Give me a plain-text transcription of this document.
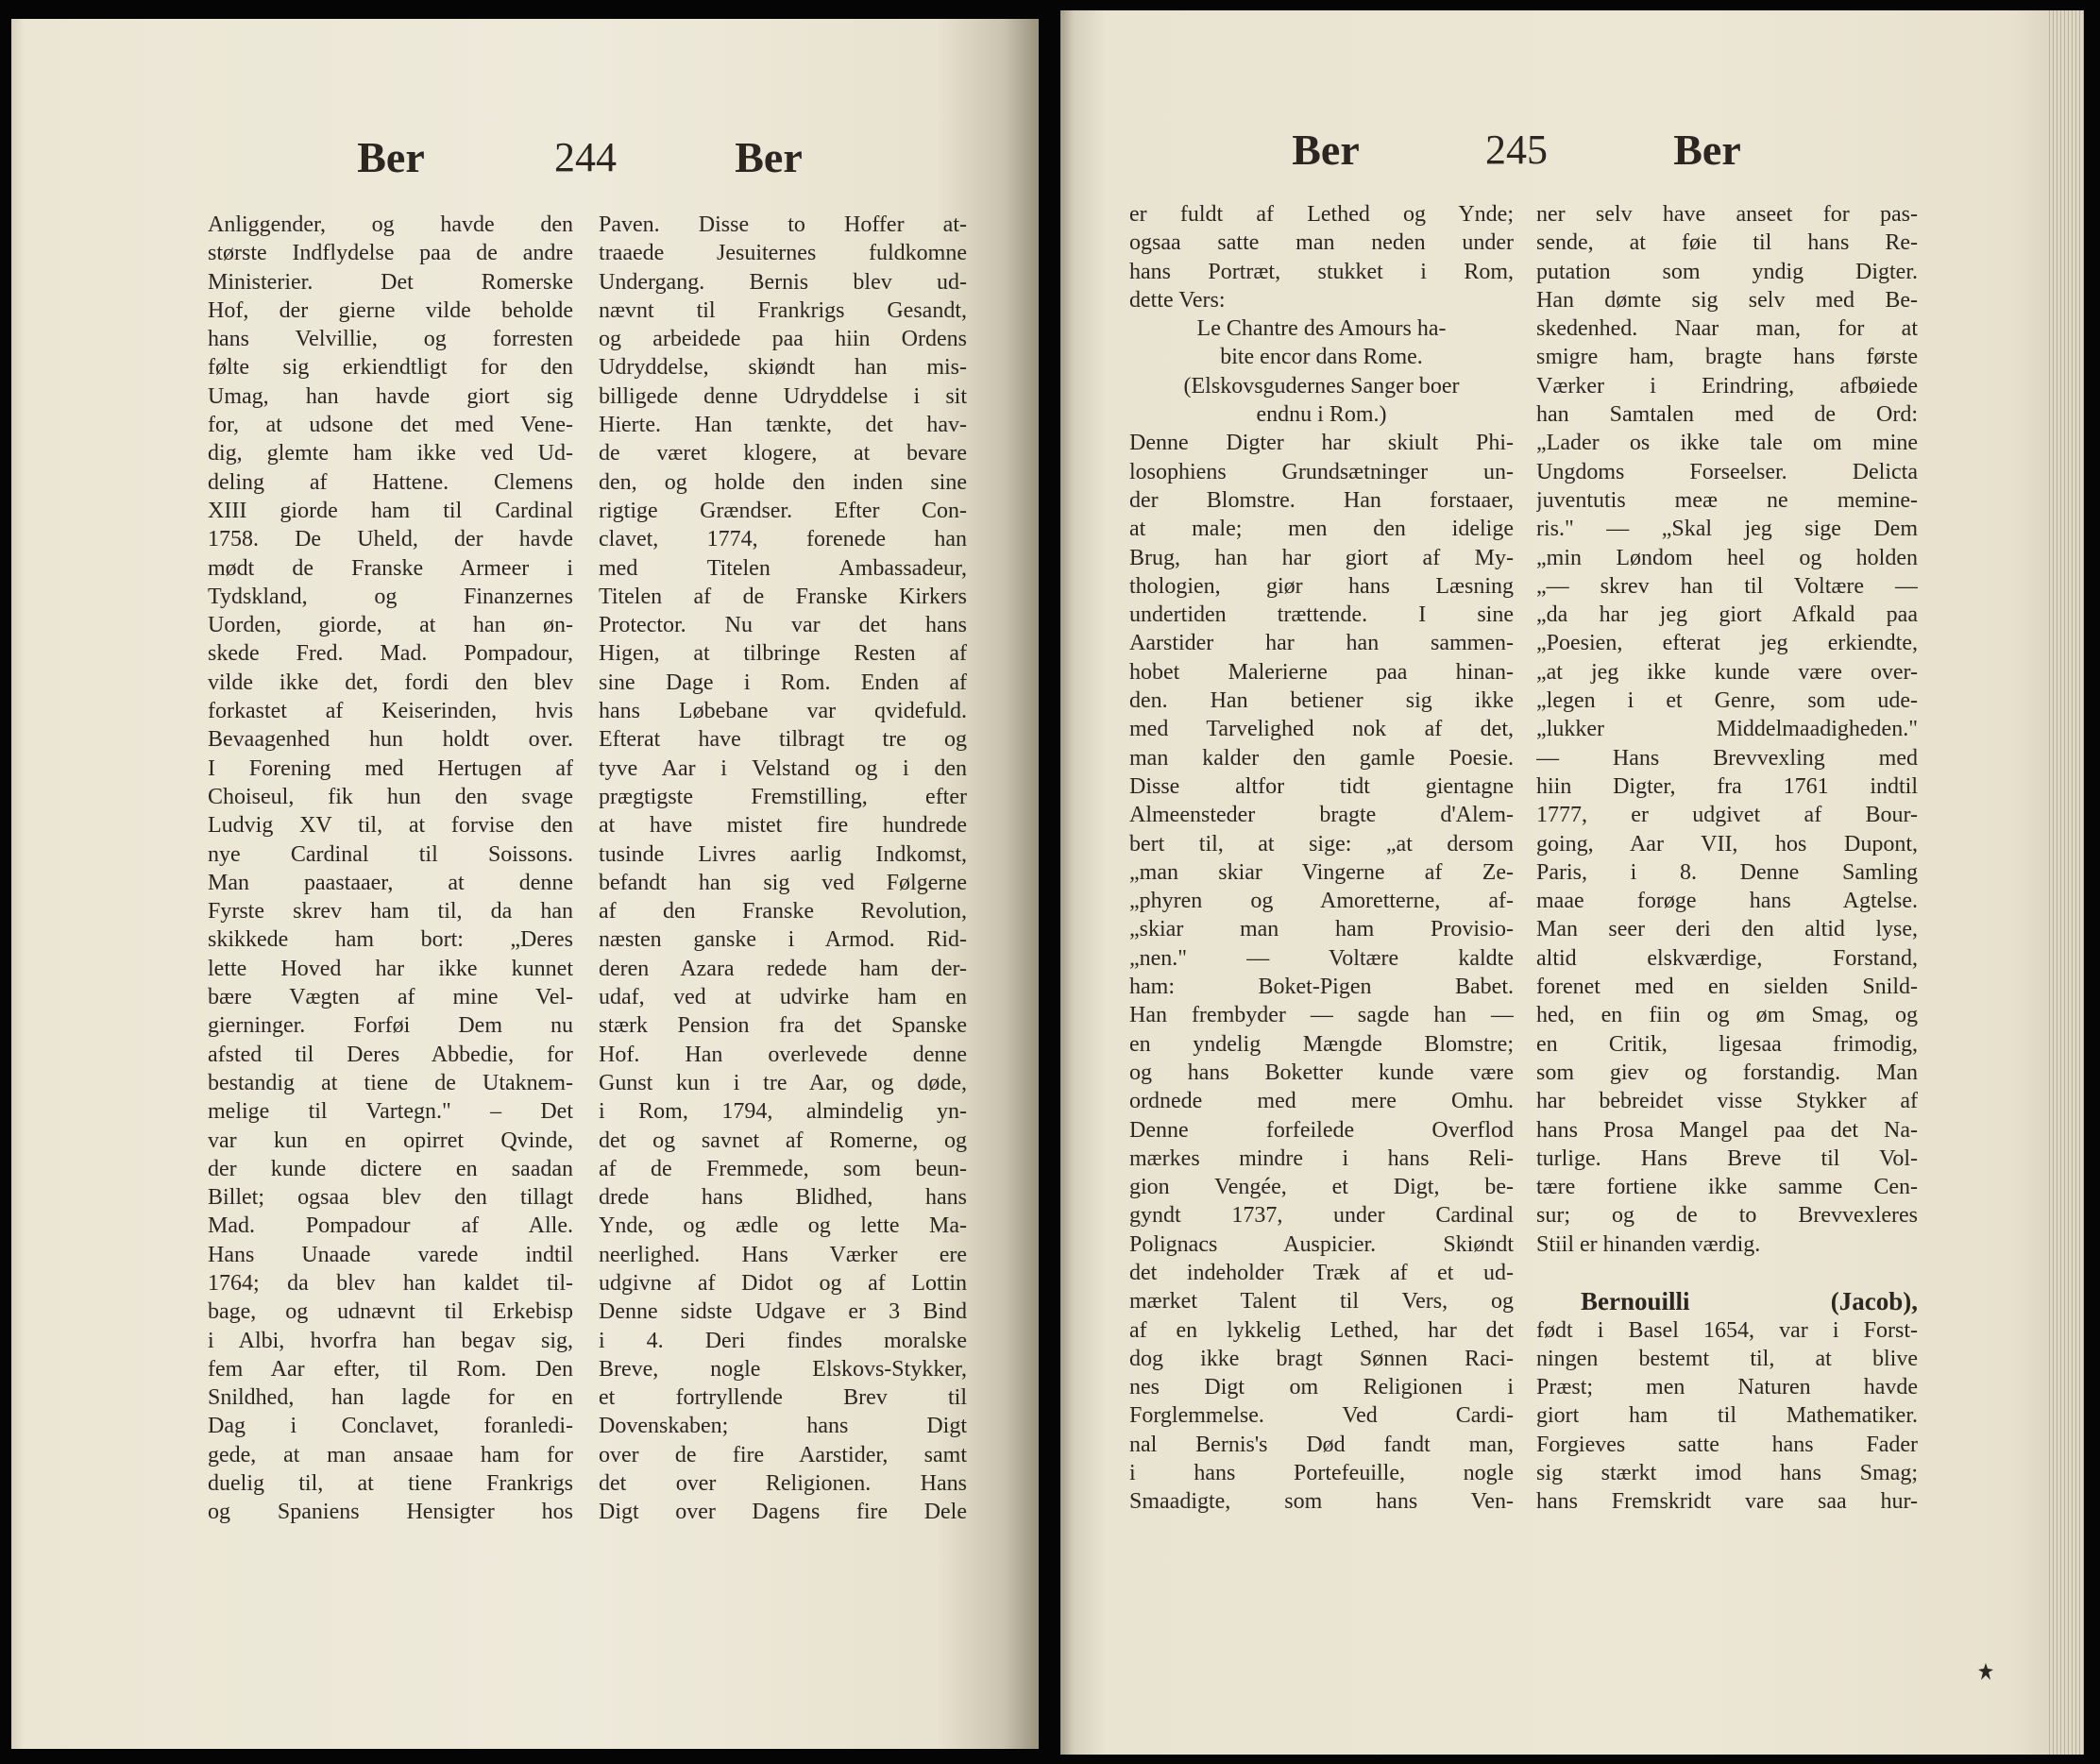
Ber	244	Ber
Anliggender, og havde den
største Indflydelse paa de andre
Ministerier. Det Romerske
Hof, der gierne vilde beholde
hans Velvillie, og forresten
følte sig erkiendtligt for den
Umag, han havde giort sig
for, at udsone det med Vene-
dig, glemte ham ikke ved Ud-
deling af Hattene. Clemens
XIII giorde ham til Cardinal
1758. De Uheld, der havde
mødt de Franske Armeer i
Tydskland, og Finanzernes
Uorden, giorde, at han øn-
skede Fred. Mad. Pompadour,
vilde ikke det, fordi den blev
forkastet af Keiserinden, hvis
Bevaagenhed hun holdt over.
I Forening med Hertugen af
Choiseul, fik hun den svage
Ludvig XV til, at forvise den
nye Cardinal til Soissons.
Man paastaaer, at denne
Fyrste skrev ham til, da han
skikkede ham bort: „Deres
lette Hoved har ikke kunnet
bære Vægten af mine Vel-
gierninger. Forføi Dem nu
afsted til Deres Abbedie, for
bestandig at tiene de Utaknem-
melige til Vartegn." – Det
var kun en opirret Qvinde,
der kunde dictere en saadan
Billet; ogsaa blev den tillagt
Mad. Pompadour af Alle.
Hans Unaade varede indtil
1764; da blev han kaldet til-
bage, og udnævnt til Erkebisp
i Albi, hvorfra han begav sig,
fem Aar efter, til Rom. Den
Snildhed, han lagde for en
Dag i Conclavet, foranledi-
gede, at man ansaae ham for
duelig til, at tiene Frankrigs
og Spaniens Hensigter hos
Paven. Disse to Hoffer at-
traaede Jesuiternes fuldkomne
Undergang. Bernis blev ud-
nævnt til Frankrigs Gesandt,
og arbeidede paa hiin Ordens
Udryddelse, skiøndt han mis-
billigede denne Udryddelse i sit
Hierte. Han tænkte, det hav-
de været klogere, at bevare
den, og holde den inden sine
rigtige Grændser. Efter Con-
clavet, 1774, forenede han
med Titelen Ambassadeur,
Titelen af de Franske Kirkers
Protector. Nu var det hans
Higen, at tilbringe Resten af
sine Dage i Rom. Enden af
hans Løbebane var qvidefuld.
Efterat have tilbragt tre og
tyve Aar i Velstand og i den
prægtigste Fremstilling, efter
at have mistet fire hundrede
tusinde Livres aarlig Indkomst,
befandt han sig ved Følgerne
af den Franske Revolution,
næsten ganske i Armod. Rid-
deren Azara redede ham der-
udaf, ved at udvirke ham en
stærk Pension fra det Spanske
Hof. Han overlevede denne
Gunst kun i tre Aar, og døde,
i Rom, 1794, almindelig yn-
det og savnet af Romerne, og
af de Fremmede, som beun-
drede hans Blidhed, hans
Ynde, og ædle og lette Ma-
neerlighed. Hans Værker ere
udgivne af Didot og af Lottin
Denne sidste Udgave er 3 Bind
i 4. Deri findes moralske
Breve, nogle Elskovs-Stykker,
et fortryllende Brev til
Dovenskaben; hans Digt
over de fire Aarstider, samt
det over Religionen. Hans
Digt over Dagens fire Dele
Ber	245	Ber
er fuldt af Lethed og Ynde;
ogsaa satte man neden under
hans Portræt, stukket i Rom,
dette Vers:
Le Chantre des Amours ha-
bite encor dans Rome.
(Elskovsgudernes Sanger boer
endnu i Rom.)
Denne Digter har skiult Phi-
losophiens Grundsætninger un-
der Blomstre. Han forstaaer,
at male; men den idelige
Brug, han har giort af My-
thologien, giør hans Læsning
undertiden trættende. I sine
Aarstider har han sammen-
hobet Malerierne paa hinan-
den. Han betiener sig ikke
med Tarvelighed nok af det,
man kalder den gamle Poesie.
Disse altfor tidt gientagne
Almeensteder bragte d'Alem-
bert til, at sige: „at dersom
„man skiar Vingerne af Ze-
„phyren og Amoretterne, af-
„skiar man ham Provisio-
„nen." — Voltære kaldte
ham: Boket-Pigen Babet.
Han frembyder — sagde han —
en yndelig Mængde Blomstre;
og hans Boketter kunde være
ordnede med mere Omhu.
Denne forfeilede Overflod
mærkes mindre i hans Reli-
gion Vengée, et Digt, be-
gyndt 1737, under Cardinal
Polignacs Auspicier. Skiøndt
det indeholder Træk af et ud-
mærket Talent til Vers, og
af en lykkelig Lethed, har det
dog ikke bragt Sønnen Raci-
nes Digt om Religionen i
Forglemmelse. Ved Cardi-
nal Bernis's Død fandt man,
i hans Portefeuille, nogle
Smaadigte, som hans Ven-
ner selv have anseet for pas-
sende, at føie til hans Re-
putation som yndig Digter.
Han dømte sig selv med Be-
skedenhed. Naar man, for at
smigre ham, bragte hans første
Værker i Erindring, afbøiede
han Samtalen med de Ord:
„Lader os ikke tale om mine
Ungdoms Forseelser. Delicta
juventutis meæ ne memine-
ris." — „Skal jeg sige Dem
„min Løndom heel og holden
„— skrev han til Voltære —
„da har jeg giort Afkald paa
„Poesien, efterat jeg erkiendte,
„at jeg ikke kunde være over-
„legen i et Genre, som ude-
„lukker Middelmaadigheden."
— Hans Brevvexling med
hiin Digter, fra 1761 indtil
1777, er udgivet af Bour-
going, Aar VII, hos Dupont,
Paris, i 8. Denne Samling
maae forøge hans Agtelse.
Man seer deri den altid lyse,
altid elskværdige, Forstand,
forenet med en sielden Snild-
hed, en fiin og øm Smag, og
en Critik, ligesaa frimodig,
som giev og forstandig. Man
har bebreidet visse Stykker af
hans Prosa Mangel paa det Na-
turlige. Hans Breve til Vol-
tære fortiene ikke samme Cen-
sur; og de to Brevvexleres
Stiil er hinanden værdig.
Bernouilli (Jacob),
født i Basel 1654, var i Forst-
ningen bestemt til, at blive
Præst; men Naturen havde
giort ham til Mathematiker.
Forgieves satte hans Fader
sig stærkt imod hans Smag;
hans Fremskridt vare saa hur-
